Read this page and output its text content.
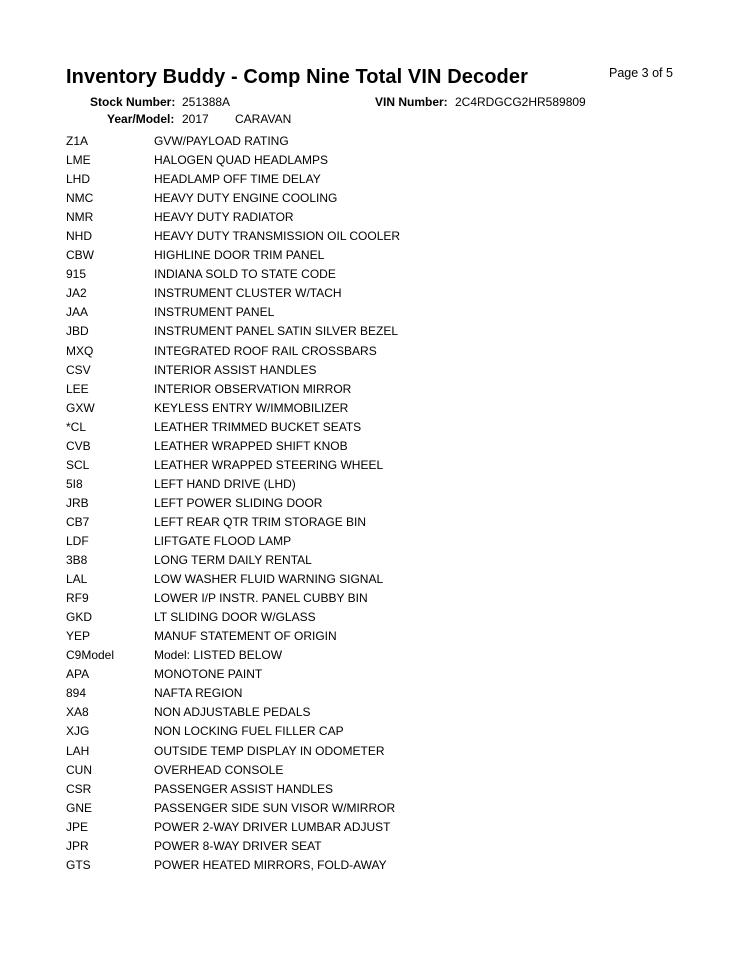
Inventory Buddy - Comp Nine Total VIN Decoder	Page 3 of 5
Stock Number: 251388A	VIN Number: 2C4RDGCG2HR589809
Year/Model: 2017 CARAVAN
Z1A	GVW/PAYLOAD RATING
LME	HALOGEN QUAD HEADLAMPS
LHD	HEADLAMP OFF TIME DELAY
NMC	HEAVY DUTY ENGINE COOLING
NMR	HEAVY DUTY RADIATOR
NHD	HEAVY DUTY TRANSMISSION OIL COOLER
CBW	HIGHLINE DOOR TRIM PANEL
915	INDIANA SOLD TO STATE CODE
JA2	INSTRUMENT CLUSTER W/TACH
JAA	INSTRUMENT PANEL
JBD	INSTRUMENT PANEL SATIN SILVER BEZEL
MXQ	INTEGRATED ROOF RAIL CROSSBARS
CSV	INTERIOR ASSIST HANDLES
LEE	INTERIOR OBSERVATION MIRROR
GXW	KEYLESS ENTRY W/IMMOBILIZER
*CL	LEATHER TRIMMED BUCKET SEATS
CVB	LEATHER WRAPPED SHIFT KNOB
SCL	LEATHER WRAPPED STEERING WHEEL
5I8	LEFT HAND DRIVE (LHD)
JRB	LEFT POWER SLIDING DOOR
CB7	LEFT REAR QTR TRIM STORAGE BIN
LDF	LIFTGATE FLOOD LAMP
3B8	LONG TERM DAILY RENTAL
LAL	LOW WASHER FLUID WARNING SIGNAL
RF9	LOWER I/P INSTR. PANEL CUBBY BIN
GKD	LT SLIDING DOOR W/GLASS
YEP	MANUF STATEMENT OF ORIGIN
C9Model	Model: LISTED BELOW
APA	MONOTONE PAINT
894	NAFTA REGION
XA8	NON ADJUSTABLE PEDALS
XJG	NON LOCKING FUEL FILLER CAP
LAH	OUTSIDE TEMP DISPLAY IN ODOMETER
CUN	OVERHEAD CONSOLE
CSR	PASSENGER ASSIST HANDLES
GNE	PASSENGER SIDE SUN VISOR W/MIRROR
JPE	POWER 2-WAY DRIVER LUMBAR ADJUST
JPR	POWER 8-WAY DRIVER SEAT
GTS	POWER HEATED MIRRORS, FOLD-AWAY
